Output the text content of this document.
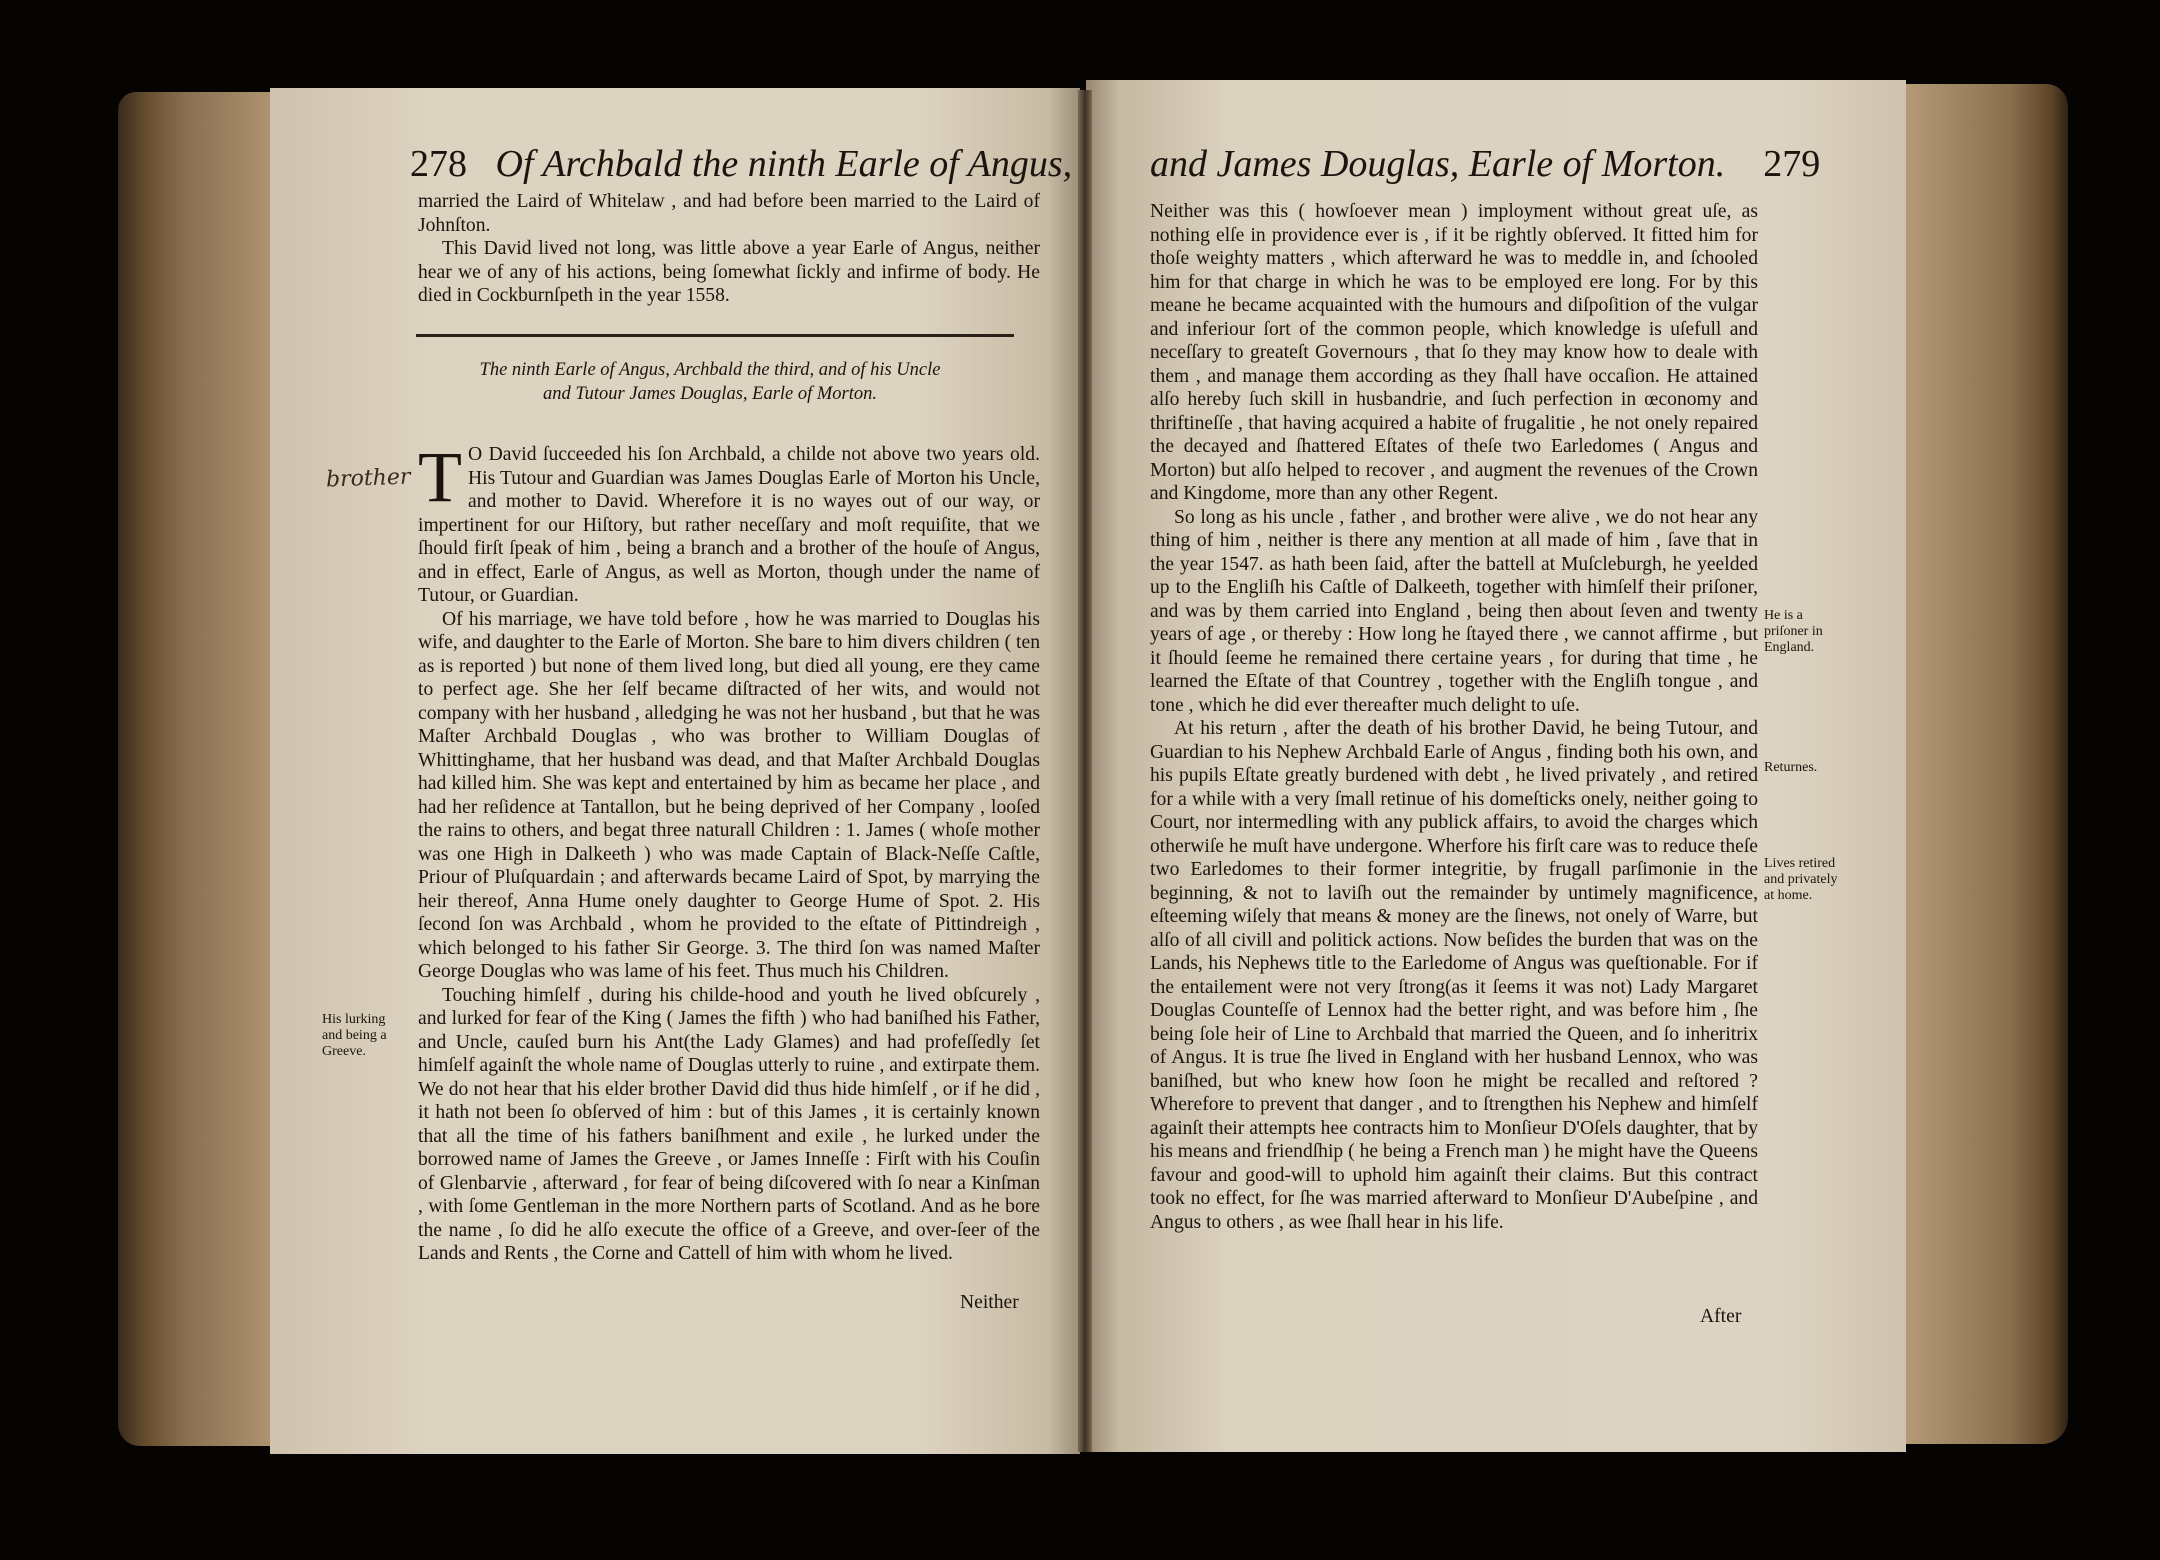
278 Of Archbald the ninth Earle of Angus,

married the Laird of Whitelaw , and had before been married to the Laird of Johnſton.

This David lived not long, was little above a year Earle of Angus, neither hear we of any of his actions, being ſomewhat ſickly and infirme of body. He died in Cockburnſpeth in the year 1558.

The ninth Earle of Angus, Archbald the third, and of his Uncle
and Tutour James Douglas, Earle of Morton.
brother T O David ſucceeded his ſon Archbald, a childe not above two years old. His Tutour and Guardian was James Douglas Earle of Morton his Uncle, and mother to David. Wherefore it is no wayes out of our way, or impertinent for our Hiſtory, but rather neceſſary and moſt requiſite, that we ſhould firſt ſpeak of him , being a branch and a brother of the houſe of Angus, and in effect, Earle of Angus, as well as Morton, though under the name of Tutour, or Guardian.

Of his marriage, we have told before , how he was married to Douglas his wife, and daughter to the Earle of Morton. She bare to him divers children ( ten as is reported ) but none of them lived long, but died all young, ere they came to perfect age. She her ſelf became diſtracted of her wits, and would not company with her husband , alledging he was not her husband , but that he was Maſter Archbald Douglas , who was brother to William Douglas of Whittinghame, that her husband was dead, and that Maſter Archbald Douglas had killed him. She was kept and entertained by him as became her place , and had her reſidence at Tantallon, but he being deprived of her Company , looſed the rains to others, and begat three naturall Children : 1. James ( whoſe mother was one High in Dalkeeth ) who was made Captain of Black-Neſſe Caſtle, Priour of Pluſquardain ; and afterwards became Laird of Spot, by marrying the heir thereof, Anna Hume onely daughter to George Hume of Spot. 2. His ſecond ſon was Archbald , whom he provided to the eſtate of Pittindreigh , which belonged to his father Sir George. 3. The third ſon was named Maſter George Douglas who was lame of his feet. Thus much his Children.

Touching himſelf , during his childe-hood and youth he lived obſcurely , and lurked for fear of the King ( James the fifth ) who had baniſhed his Father, and Uncle, cauſed burn his Ant(the Lady Glames) and had profeſſedly ſet himſelf againſt the whole name of Douglas utterly to ruine , and extirpate them. We do not hear that his elder brother David did thus hide himſelf , or if he did , it hath not been ſo obſerved of him : but of this James , it is certainly known that all the time of his fathers baniſhment and exile , he lurked under the borrowed name of James the Greeve , or James Inneſſe : Firſt with his Couſin of Glenbarvie , afterward , for fear of being diſcovered with ſo near a Kinſman , with ſome Gentleman in the more Northern parts of Scotland. And as he bore the name , ſo did he alſo execute the office of a Greeve, and over-ſeer of the Lands and Rents , the Corne and Cattell of him with whom he lived.

His lurking and being a Greeve.
Neither
and James Douglas, Earle of Morton. 279

Neither was this ( howſoever mean ) imployment without great uſe, as nothing elſe in providence ever is , if it be rightly obſerved. It fitted him for thoſe weighty matters , which afterward he was to meddle in, and ſchooled him for that charge in which he was to be employed ere long. For by this meane he became acquainted with the humours and diſpoſition of the vulgar and inferiour ſort of the common people, which knowledge is uſefull and neceſſary to greateſt Governours , that ſo they may know how to deale with them , and manage them according as they ſhall have occaſion. He attained alſo hereby ſuch skill in husbandrie, and ſuch perfection in œconomy and thriftineſſe , that having acquired a habite of frugalitie , he not onely repaired the decayed and ſhattered Eſtates of theſe two Earledomes ( Angus and Morton) but alſo helped to recover , and augment the revenues of the Crown and Kingdome, more than any other Regent.

So long as his uncle , father , and brother were alive , we do not hear any thing of him , neither is there any mention at all made of him , ſave that in the year 1547. as hath been ſaid, after the battell at Muſcleburgh, he yeelded up to the Engliſh his Caſtle of Dalkeeth, together with himſelf their priſoner, and was by them carried into England , being then about ſeven and twenty years of age , or thereby : How long he ſtayed there , we cannot affirme , but it ſhould ſeeme he remained there certaine years , for during that time , he learned the Eſtate of that Countrey , together with the Engliſh tongue , and tone , which he did ever thereafter much delight to uſe.

At his return , after the death of his brother David, he being Tutour, and Guardian to his Nephew Archbald Earle of Angus , finding both his own, and his pupils Eſtate greatly burdened with debt , he lived privately , and retired for a while with a very ſmall retinue of his domeſticks onely, neither going to Court, nor intermedling with any publick affairs, to avoid the charges which otherwiſe he muſt have undergone. Wherfore his firſt care was to reduce theſe two Earledomes to their former integritie, by frugall parſimonie in the beginning, & not to laviſh out the remainder by untimely magnificence, eſteeming wiſely that means & money are the ſinews, not onely of Warre, but alſo of all civill and politick actions. Now beſides the burden that was on the Lands, his Nephews title to the Earledome of Angus was queſtionable. For if the entailement were not very ſtrong(as it ſeems it was not) Lady Margaret Douglas Counteſſe of Lennox had the better right, and was before him , ſhe being ſole heir of Line to Archbald that married the Queen, and ſo inheritrix of Angus. It is true ſhe lived in England with her husband Lennox, who was baniſhed, but who knew how ſoon he might be recalled and reſtored ? Wherefore to prevent that danger , and to ſtrengthen his Nephew and himſelf againſt their attempts hee contracts him to Monſieur D'Oſels daughter, that by his means and friendſhip ( he being a French man ) he might have the Queens favour and good-will to uphold him againſt their claims. But this contract took no effect, for ſhe was married afterward to Monſieur D'Aubeſpine , and Angus to others , as wee ſhall hear in his life.

He is a priſoner in England.
Returnes.
Lives retired and privately at home.
After
